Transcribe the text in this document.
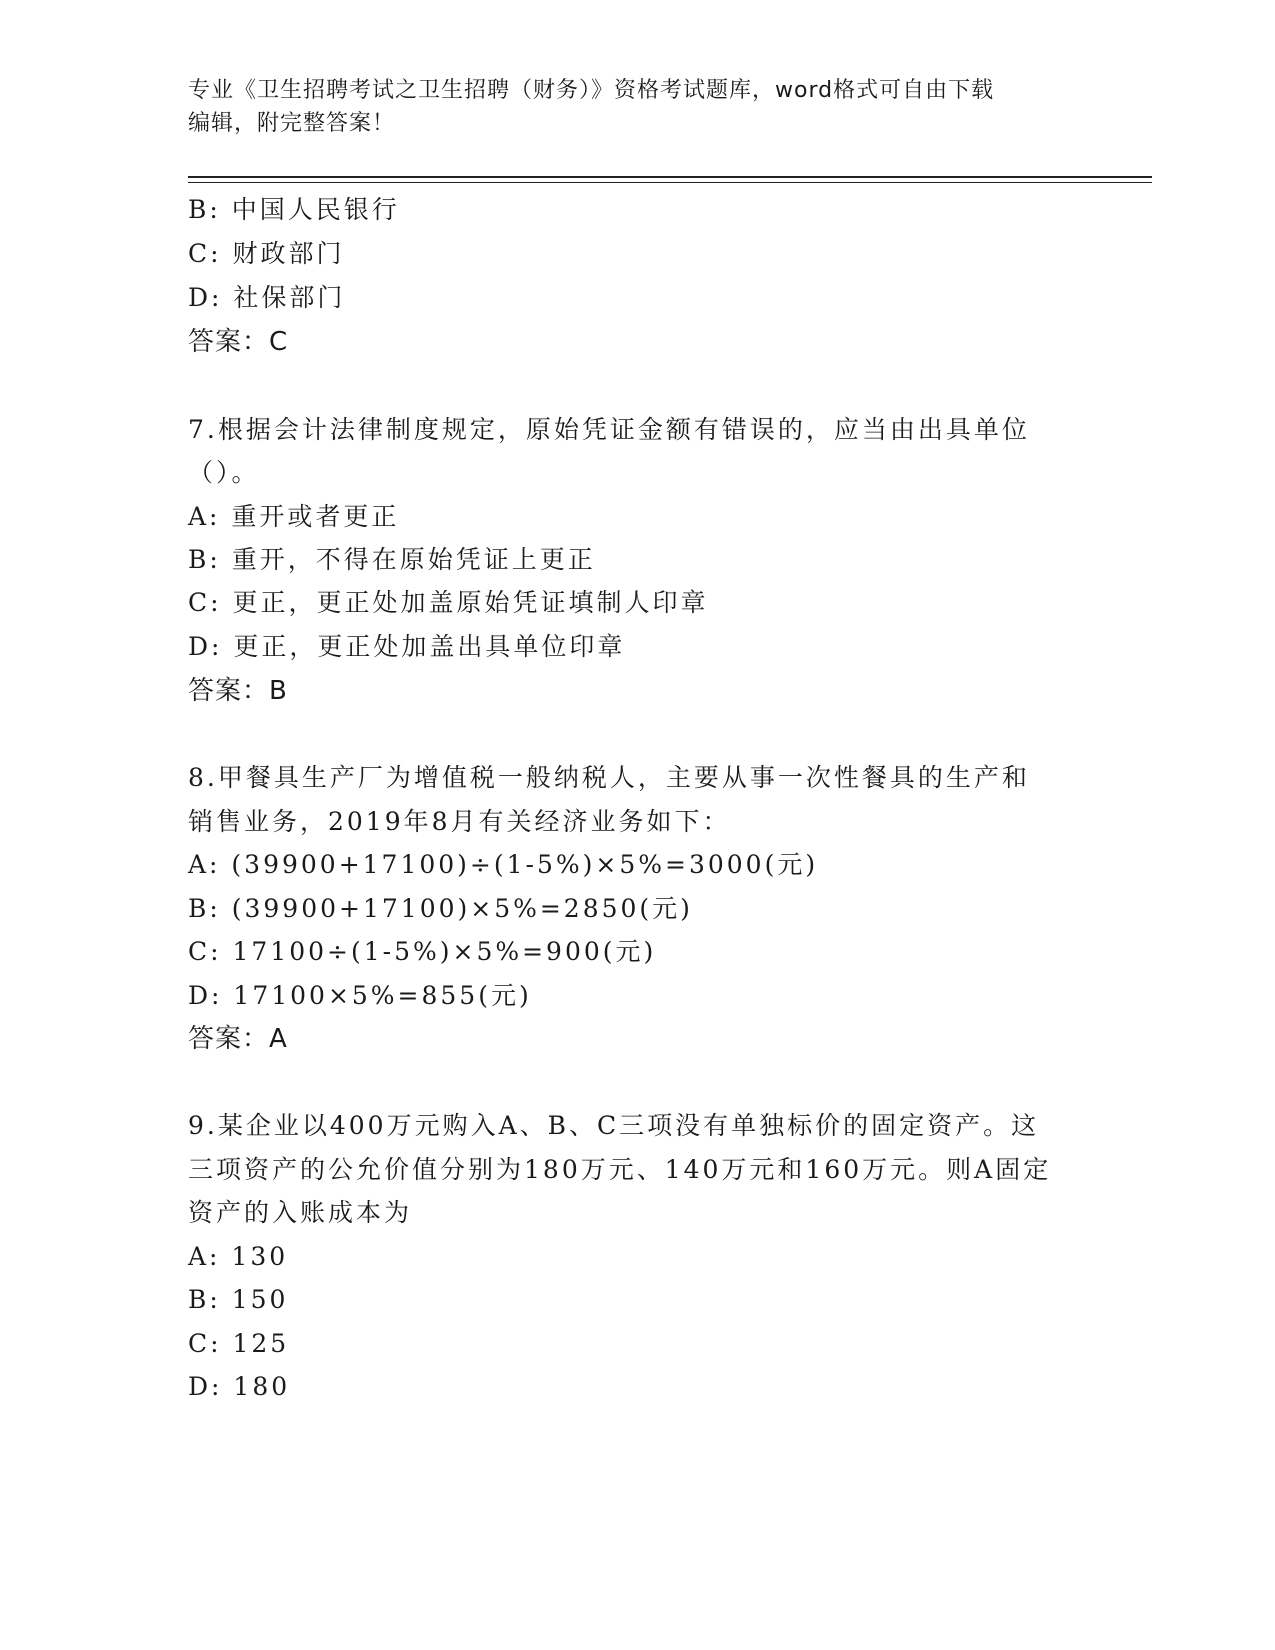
专业《卫生招聘考试之卫生招聘（财务）》资格考试题库，word格式可自由下载
编辑，附完整答案！
B: 中国人民银行
C: 财政部门
D: 社保部门
答案：C
7.根据会计法律制度规定，原始凭证金额有错误的，应当由出具单位
（）。
A: 重开或者更正
B: 重开，不得在原始凭证上更正
C: 更正，更正处加盖原始凭证填制人印章
D: 更正，更正处加盖出具单位印章
答案：B
8.甲餐具生产厂为增值税一般纳税人，主要从事一次性餐具的生产和
销售业务，2019年8月有关经济业务如下：
A: (39900+17100)÷(1-5%)×5%=3000(元)
B: (39900+17100)×5%=2850(元)
C: 17100÷(1-5%)×5%=900(元)
D: 17100×5%=855(元)
答案：A
9.某企业以400万元购入A、B、C三项没有单独标价的固定资产。这
三项资产的公允价值分别为180万元、140万元和160万元。则A固定
资产的入账成本为
A: 130
B: 150
C: 125
D: 180
